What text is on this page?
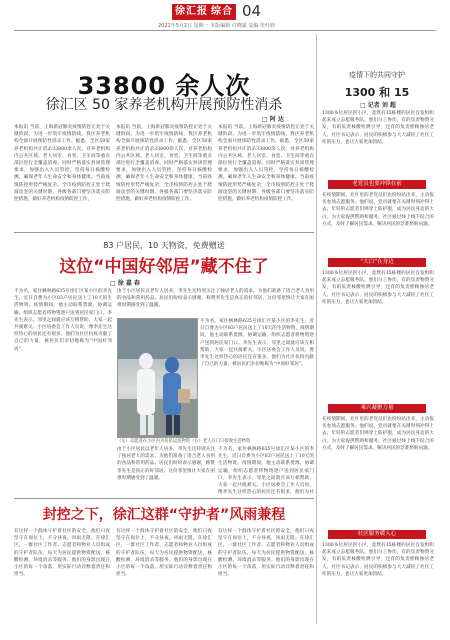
徐汇报 综合 04
2022年5月2日 星期一 本版编辑 许晓斌 复编 范叶婷
33800 余人次
徐汇区 50 家养老机构开展预防性消杀
□ 阿 达
本报讯 当前，上海新冠肺炎疫情防控正处于关键阶段。为进一步筑牢疫情防线，我区养老机构全面开展预防性消杀工作。据悉，全区50家养老机构共计消杀33800余人次，对养老机构内公共区域、老人居室、食堂、卫生间等重点部位进行全覆盖消毒。同时严格落实封闭管理要求，加强出入人员管控，坚持每日核酸检测，确保老年人生命安全和身体健康。当前疫情防控形势严峻复杂，全市疫情防控正处于爬坡攻坚的关键时期，各级各部门要坚决落实防控措施，做好养老机构疫情防控工作。
本报讯 当前，上海新冠肺炎疫情防控正处于关键阶段。为进一步筑牢疫情防线，我区养老机构全面开展预防性消杀工作。据悉，全区50家养老机构共计消杀33800余人次，对养老机构内公共区域、老人居室、食堂、卫生间等重点部位进行全覆盖消毒。同时严格落实封闭管理要求，加强出入人员管控，坚持每日核酸检测，确保老年人生命安全和身体健康。当前疫情防控形势严峻复杂，全市疫情防控正处于爬坡攻坚的关键时期，各级各部门要坚决落实防控措施，做好养老机构疫情防控工作。
本报讯 当前，上海新冠肺炎疫情防控正处于关键阶段。为进一步筑牢疫情防线，我区养老机构全面开展预防性消杀工作。据悉，全区50家养老机构共计消杀33800余人次，对养老机构内公共区域、老人居室、食堂、卫生间等重点部位进行全覆盖消毒。同时严格落实封闭管理要求，加强出入人员管控，坚持每日核酸检测，确保老年人生命安全和身体健康。当前疫情防控形势严峻复杂，全市疫情防控正处于爬坡攻坚的关键时期，各级各部门要坚决落实防控措施，做好养老机构疫情防控工作。
83 户居民，10 天物资，免费赠送
这位“中国好邻居”藏不住了
□ 徐 嘉 春
不为名，家住枫林路635号徐汇区某小区的李先生，近日自费为小区83户居民送上了10天的生活物资。疫情期间，他主动联系货源，协调运输，组织志愿者将物资逐户送到居民家门口。李先生表示，邻里之间就应该互相帮助，大家一起共渡难关。小区居委会工作人员说，像李先生这样热心的居民还有很多，他们为社区抗疫贡献了自己的力量，被居民们亲切地称为“中国好邻居”。
由于小区居民以老年人居多，李先生还特别关注了独居老人的需求，为他们准备了适合老人食用的食品和常用药品。居民们纷纷表示感谢，称赞李先生是真正的好邻居，这份邻里情让大家在困难时期感受到了温暖。
不为名，家住枫林路635号徐汇区某小区的李先生，近日自费为小区83户居民送上了10天的生活物资。疫情期间，他主动联系货源，协调运输，组织志愿者将物资逐户送到居民家门口。李先生表示，邻里之间就应该互相帮助，大家一起共渡难关。小区居委会工作人员说，像李先生这样热心的居民还有很多，他们为社区抗疫贡献了自己的力量，被居民们亲切地称为“中国好邻居”。
（左）志愿者在小区内为居民运送物资（右）老人在门口接收生活物资
由于小区居民以老年人居多，李先生还特别关注了独居老人的需求，为他们准备了适合老人食用的食品和常用药品。居民们纷纷表示感谢，称赞李先生是真正的好邻居，这份邻里情让大家在困难时期感受到了温暖。
不为名，家住枫林路635号徐汇区某小区的李先生，近日自费为小区83户居民送上了10天的生活物资。疫情期间，他主动联系货源，协调运输，组织志愿者将物资逐户送到居民家门口。李先生表示，邻里之间就应该互相帮助，大家一起共渡难关。小区居委会工作人员说，像李先生这样热心的居民还有很多，他们为社
封控之下，徐汇这群“守护者”风雨兼程
有这样一个群体守护着社区的安全，他们日夜坚守在岗位上，不分昼夜、风雨无阻。在徐汇区，一群社区工作者、志愿者和物业人员组成的守护者队伍，每天为居民提供物资配送、核酸检测、环境消杀等服务。他们的身影出现在小区的每一个角落，用实际行动诠释着责任和担当。
有这样一个群体守护着社区的安全，他们日夜坚守在岗位上，不分昼夜、风雨无阻。在徐汇区，一群社区工作者、志愿者和物业人员组成的守护者队伍，每天为居民提供物资配送、核酸检测、环境消杀等服务。他们的身影出现在小区的每一个角落，用实际行动诠释着责任和担当。
有这样一个群体守护着社区的安全，他们日夜坚守在岗位上，不分昼夜、风雨无阻。在徐汇区，一群社区工作者、志愿者和物业人员组成的守护者队伍，每天为居民提供物资配送、核酸检测、环境消杀等服务。他们的身影出现在小区的每一个角落，用实际行动诠释着责任和担当。
疫情下的共同守护
1300 和 15
□ 记者 刘 超
1300多位居民的小区，竟然有15栋楼的居民自发组织起来成立志愿服务队。他们分工协作，有的负责物资分发，有的负责核酸检测引导，还有的负责照顾独居老人。社区书记表示，居民的积极参与大大减轻了社区工作的压力，也让大家更加团结。
老党员也要冲锋在前
在疫情期间，社区里的老党员们也纷纷站出来，主动报名参加志愿服务。他们说，党员就要在关键时刻冲得上去。年轻的志愿者们则穿上防护服，成为居民身边的大白，为大家提供帮助和服务。社区通过线上线下结合的方式，及时了解居民需求，解决居民的急难愁盼问题。
“大白”在身边
1300多位居民的小区，竟然有15栋楼的居民自发组织起来成立志愿服务队。他们分工协作，有的负责物资分发，有的负责核酸检测引导，还有的负责照顾独居老人。社区书记表示，居民的积极参与大大减轻了社区工作的压力，也让大家更加团结。
乘兴凝聚力量
在疫情期间，社区里的老党员们也纷纷站出来，主动报名参加志愿服务。他们说，党员就要在关键时刻冲得上去。年轻的志愿者们则穿上防护服，成为居民身边的大白，为大家提供帮助和服务。社区通过线上线下结合的方式，及时了解居民需求，解决居民的急难愁盼问题。
社区服务暖人心
1300多位居民的小区，竟然有15栋楼的居民自发组织起来成立志愿服务队。他们分工协作，有的负责物资分发，有的负责核酸检测引导，还有的负责照顾独居老人。社区书记表示，居民的积极参与大大减轻了社区工作的压力，也让大家更加团结。
